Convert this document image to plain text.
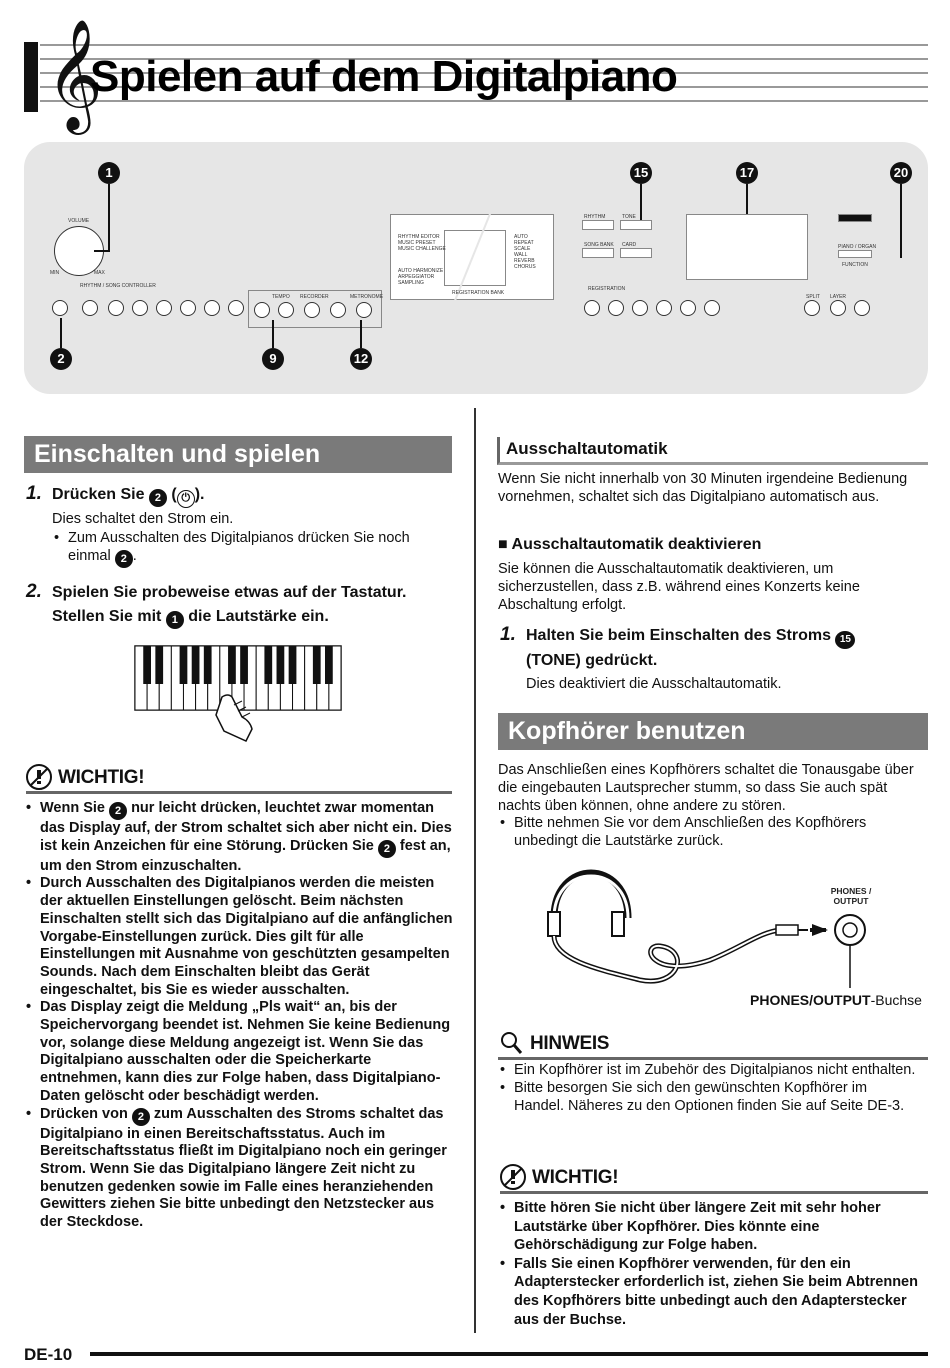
𝄞
Spielen auf dem Digitalpiano
VOLUME
MIN	MAX
1
RHYTHM / SONG CONTROLLER
2
TEMPO RECORDER	METRONOME
9	12
RHYTHM EDITOR
MUSIC PRESET
MUSIC CHALLENGE
AUTO HARMONIZE
ARPEGGIATOR
SAMPLING
AUTO
REPEAT
SCALE
WALL
REVERB
CHORUS
REGISTRATION BANK
RHYTHM	TONE
SONG BANK CARD
15	17
REGISTRATION
PIANO / ORGAN
FUNCTION
SPLIT LAYER
20
Einschalten und spielen
1. Drücken Sie 2 ( ⏻ ).
Dies schaltet den Strom ein.
• Zum Ausschalten des Digitalpianos drücken Sie noch einmal 2 .
2. Spielen Sie probeweise etwas auf der Tastatur.
Stellen Sie mit 1 die Lautstärke ein.
WICHTIG!
• Wenn Sie 2 nur leicht drücken, leuchtet zwar momentan das Display auf, der Strom schaltet sich aber nicht ein. Dies ist kein Anzeichen für eine Störung. Drücken Sie 2 fest an, um den Strom einzuschalten.
• Durch Ausschalten des Digitalpianos werden die meisten der aktuellen Einstellungen gelöscht. Beim nächsten Einschalten stellt sich das Digitalpiano auf die anfänglichen Vorgabe-Einstellungen zurück. Dies gilt für alle Einstellungen mit Ausnahme von geschützten gesampelten Sounds. Nach dem Einschalten bleibt das Gerät eingeschaltet, bis Sie es wieder ausschalten.
• Das Display zeigt die Meldung „Pls wait“ an, bis der Speichervorgang beendet ist. Nehmen Sie keine Bedienung vor, solange diese Meldung angezeigt ist. Wenn Sie das Digitalpiano ausschalten oder die Speicherkarte entnehmen, kann dies zur Folge haben, dass Digitalpiano-Daten gelöscht oder beschädigt werden.
• Drücken von 2 zum Ausschalten des Stroms schaltet das Digitalpiano in einen Bereitschaftsstatus. Auch im Bereitschaftsstatus fließt im Digitalpiano noch ein geringer Strom. Wenn Sie das Digitalpiano längere Zeit nicht zu benutzen gedenken sowie im Falle eines heranziehenden Gewitters ziehen Sie bitte unbedingt den Netzstecker aus der Steckdose.
Ausschaltautomatik
Wenn Sie nicht innerhalb von 30 Minuten irgendeine Bedienung vornehmen, schaltet sich das Digitalpiano automatisch aus.
■ Ausschaltautomatik deaktivieren
Sie können die Ausschaltautomatik deaktivieren, um sicherzustellen, dass z.B. während eines Konzerts keine Abschaltung erfolgt.
1. Halten Sie beim Einschalten des Stroms 15
(TONE) gedrückt.
Dies deaktiviert die Ausschaltautomatik.
Kopfhörer benutzen
Das Anschließen eines Kopfhörers schaltet die Tonausgabe über die eingebauten Lautsprecher stumm, so dass Sie auch spät nachts üben können, ohne andere zu stören.
• Bitte nehmen Sie vor dem Anschließen des Kopfhörers unbedingt die Lautstärke zurück.
PHONES / OUTPUT
PHONES/OUTPUT-Buchse
HINWEIS
• Ein Kopfhörer ist im Zubehör des Digitalpianos nicht enthalten.
• Bitte besorgen Sie sich den gewünschten Kopfhörer im Handel. Näheres zu den Optionen finden Sie auf Seite DE-3.
WICHTIG!
• Bitte hören Sie nicht über längere Zeit mit sehr hoher Lautstärke über Kopfhörer. Dies könnte eine Gehörschädigung zur Folge haben.
• Falls Sie einen Kopfhörer verwenden, für den ein Adapterstecker erforderlich ist, ziehen Sie beim Abtrennen des Kopfhörers bitte unbedingt auch den Adapterstecker aus der Buchse.
DE-10
